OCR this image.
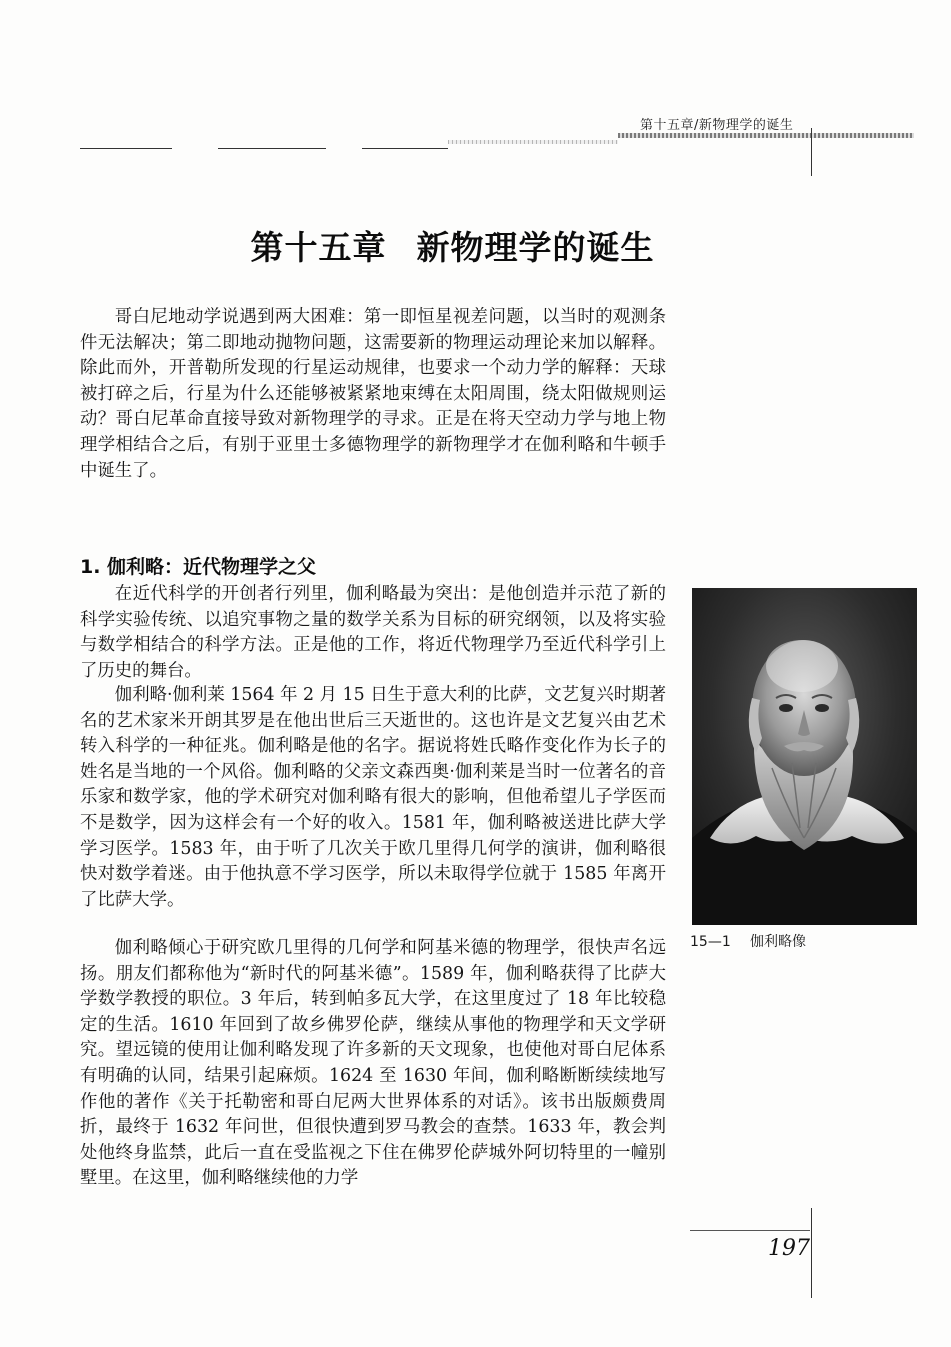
第十五章/新物理学的诞生
第十五章 新物理学的诞生

哥白尼地动学说遇到两大困难：第一即恒星视差问题，以当时的观测条件无法解决；第二即地动抛物问题，这需要新的物理运动理论来加以解释。除此而外，开普勒所发现的行星运动规律，也要求一个动力学的解释：天球被打碎之后，行星为什么还能够被紧紧地束缚在太阳周围，绕太阳做规则运动？哥白尼革命直接导致对新物理学的寻求。正是在将天空动力学与地上物理学相结合之后，有别于亚里士多德物理学的新物理学才在伽利略和牛顿手中诞生了。

1. 伽利略：近代物理学之父

在近代科学的开创者行列里，伽利略最为突出：是他创造并示范了新的科学实验传统、以追究事物之量的数学关系为目标的研究纲领，以及将实验与数学相结合的科学方法。正是他的工作，将近代物理学乃至近代科学引上了历史的舞台。

伽利略·伽利莱 1564 年 2 月 15 日生于意大利的比萨，文艺复兴时期著名的艺术家米开朗其罗是在他出世后三天逝世的。这也许是文艺复兴由艺术转入科学的一种征兆。伽利略是他的名字。据说将姓氏略作变化作为长子的姓名是当地的一个风俗。伽利略的父亲文森西奥·伽利莱是当时一位著名的音乐家和数学家，他的学术研究对伽利略有很大的影响，但他希望儿子学医而不是数学，因为这样会有一个好的收入。1581 年，伽利略被送进比萨大学学习医学。1583 年，由于听了几次关于欧几里得几何学的演讲，伽利略很快对数学着迷。由于他执意不学习医学，所以未取得学位就于 1585 年离开了比萨大学。

伽利略倾心于研究欧几里得的几何学和阿基米德的物理学，很快声名远扬。朋友们都称他为“新时代的阿基米德”。1589 年，伽利略获得了比萨大学数学教授的职位。3 年后，转到帕多瓦大学，在这里度过了 18 年比较稳定的生活。1610 年回到了故乡佛罗伦萨，继续从事他的物理学和天文学研究。望远镜的使用让伽利略发现了许多新的天文现象，也使他对哥白尼体系有明确的认同，结果引起麻烦。1624 至 1630 年间，伽利略断断续续地写作他的著作《关于托勒密和哥白尼两大世界体系的对话》。该书出版颇费周折，最终于 1632 年问世，但很快遭到罗马教会的查禁。1633 年，教会判处他终身监禁，此后一直在受监视之下住在佛罗伦萨城外阿切特里的一幢别墅里。在这里，伽利略继续他的力学

15—1 伽利略像
197
